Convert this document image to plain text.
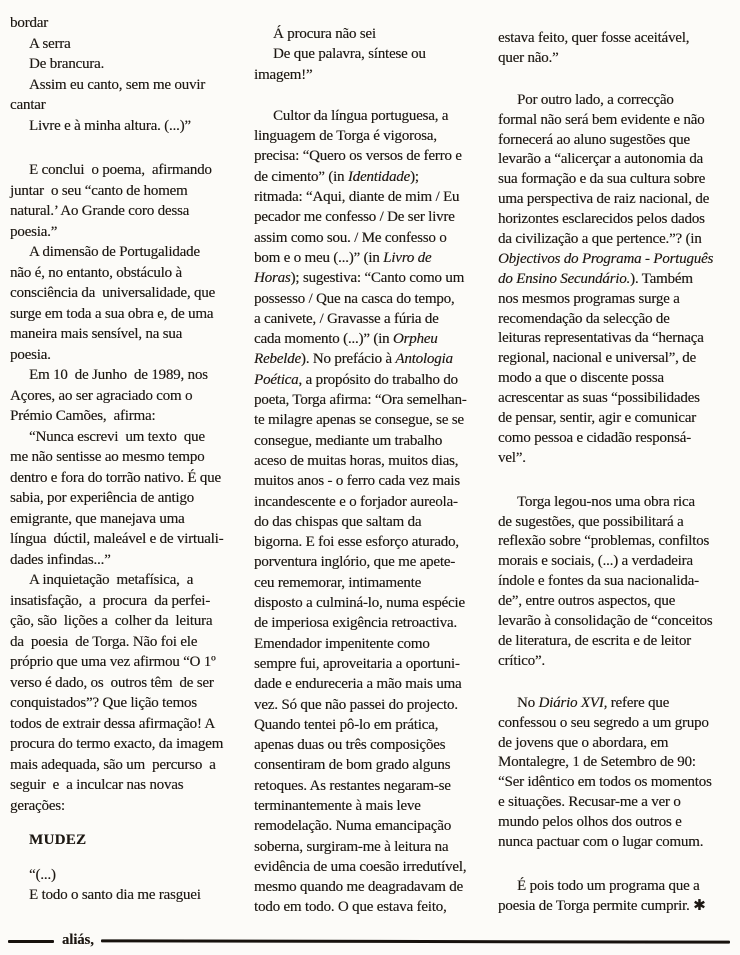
bordar
A serra
De brancura.
Assim eu canto, sem me ouvir
cantar
Livre e à minha altura. (...)”
E conclui  o poema,  afirmando
juntar  o seu “canto de homem
natural.’ Ao Grande coro dessa
poesia.”
A dimensão de Portugalidade
não é, no entanto, obstáculo à
consciência da  universalidade, que
surge em toda a sua obra e, de uma
maneira mais sensível, na sua
poesia.
Em 10  de Junho  de 1989, nos
Açores, ao ser agraciado com o
Prémio Camões,  afirma:
“Nunca escrevi  um texto  que
me não sentisse ao mesmo tempo
dentro e fora do torrão nativo. É que
sabia, por experiência de antigo
emigrante, que manejava uma
língua  dúctil, maleável e de virtuali-
dades infindas...”
A inquietação  metafísica,  a
insatisfação,  a  procura  da perfei-
ção, são  lições a  colher da  leitura
da  poesia  de Torga. Não foi ele
próprio que uma vez afirmou “O 1º
verso é dado, os  outros têm  de ser
conquistados”? Que lição temos
todos de extrair dessa afirmação! A
procura do termo exacto, da imagem
mais adequada, são um  percurso  a
seguir  e  a inculcar nas novas
gerações:
MUDEZ
“(...)
E todo o santo dia me rasguei
Á procura não sei
De que palavra, síntese ou
imagem!”
Cultor da língua portuguesa, a
linguagem de Torga é vigorosa,
precisa: “Quero os versos de ferro e
de cimento” (in Identidade);
ritmada: “Aqui, diante de mim / Eu
pecador me confesso / De ser livre
assim como sou. / Me confesso o
bom e o meu (...)” (in Livro de
Horas); sugestiva: “Canto como um
possesso / Que na casca do tempo,
a canivete, / Gravasse a fúria de
cada momento (...)” (in Orpheu
Rebelde). No prefácio à Antologia
Poética, a propósito do trabalho do
poeta, Torga afirma: “Ora semelhan-
te milagre apenas se consegue, se se
consegue, mediante um trabalho
aceso de muitas horas, muitos dias,
muitos anos - o ferro cada vez mais
incandescente e o forjador aureola-
do das chispas que saltam da
bigorna. E foi esse esforço aturado,
porventura inglório, que me apete-
ceu rememorar, intimamente
disposto a culminá-lo, numa espécie
de imperiosa exigência retroactiva.
Emendador impenitente como
sempre fui, aproveitaria a oportuni-
dade e endureceria a mão mais uma
vez. Só que não passei do projecto.
Quando tentei pô-lo em prática,
apenas duas ou três composições
consentiram de bom grado alguns
retoques. As restantes negaram-se
terminantemente à mais leve
remodelação. Numa emancipação
soberna, surgiram-me à leitura na
evidência de uma coesão irredutível,
mesmo quando me deagradavam de
todo em todo. O que estava feito,
estava feito, quer fosse aceitável,
quer não.”
Por outro lado, a correcção
formal não será bem evidente e não
fornecerá ao aluno sugestões que
levarão a “alicerçar a autonomia da
sua formação e da sua cultura sobre
uma perspectiva de raiz nacional, de
horizontes esclarecidos pelos dados
da civilização a que pertence.”? (in
Objectivos do Programa - Português
do Ensino Secundário.). Também
nos mesmos programas surge a
recomendação da selecção de
leituras representativas da “hernaça
regional, nacional e universal”, de
modo a que o discente possa
acrescentar as suas “possibilidades
de pensar, sentir, agir e comunicar
como pessoa e cidadão responsá-
vel”.
Torga legou-nos uma obra rica
de sugestões, que possibilitará a
reflexão sobre “problemas, confiltos
morais e sociais, (...) a verdadeira
índole e fontes da sua nacionalida-
de”, entre outros aspectos, que
levarão à consolidação de “conceitos
de literatura, de escrita e de leitor
crítico”.
No Diário XVI, refere que
confessou o seu segredo a um grupo
de jovens que o abordara, em
Montalegre, 1 de Setembro de 90:
“Ser idêntico em todos os momentos
e situações. Recusar-me a ver o
mundo pelos olhos dos outros e
nunca pactuar com o lugar comum.
É pois todo um programa que a
poesia de Torga permite cumprir. ✱
aliás,
